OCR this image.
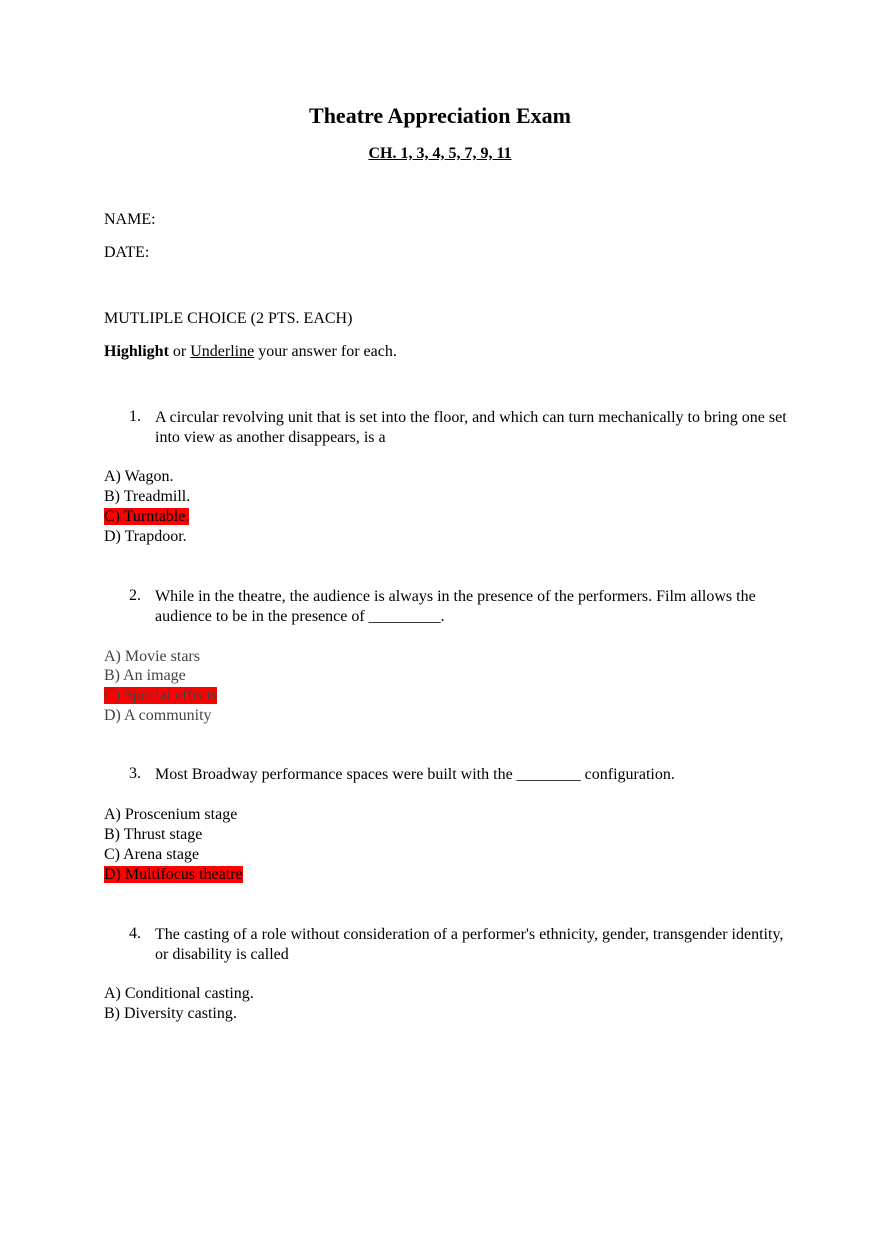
Theatre Appreciation Exam
CH. 1, 3, 4, 5, 7, 9, 11
NAME:
DATE:
MUTLIPLE CHOICE (2 PTS. EACH)
Highlight or Underline your answer for each.
1. A circular revolving unit that is set into the floor, and which can turn mechanically to bring one set into view as another disappears, is a
A) Wagon.
B) Treadmill.
C) Turntable.
D) Trapdoor.
2. While in the theatre, the audience is always in the presence of the performers. Film allows the audience to be in the presence of _________.
A) Movie stars
B) An image
C) Special effects
D) A community
3. Most Broadway performance spaces were built with the ________ configuration.
A) Proscenium stage
B) Thrust stage
C) Arena stage
D) Multifocus theatre
4. The casting of a role without consideration of a performer's ethnicity, gender, transgender identity, or disability is called
A) Conditional casting.
B) Diversity casting.
